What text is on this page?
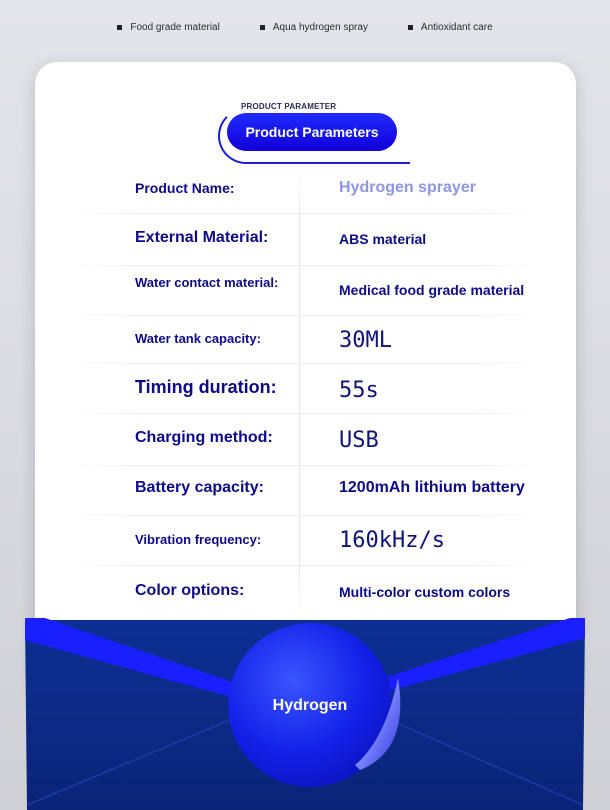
Food grade material	Aqua hydrogen spray	Antioxidant care
PRODUCT PARAMETER
Product Parameters
Product Name:	Hydrogen sprayer
External Material:	ABS material
Water contact material:	Medical food grade material
Water tank capacity:	30ML
Timing duration:	55s
Charging method:	USB
Battery capacity:	1200mAh lithium battery
Vibration frequency:	160kHz/s
Color options:	Multi-color custom colors
Hydrogen
